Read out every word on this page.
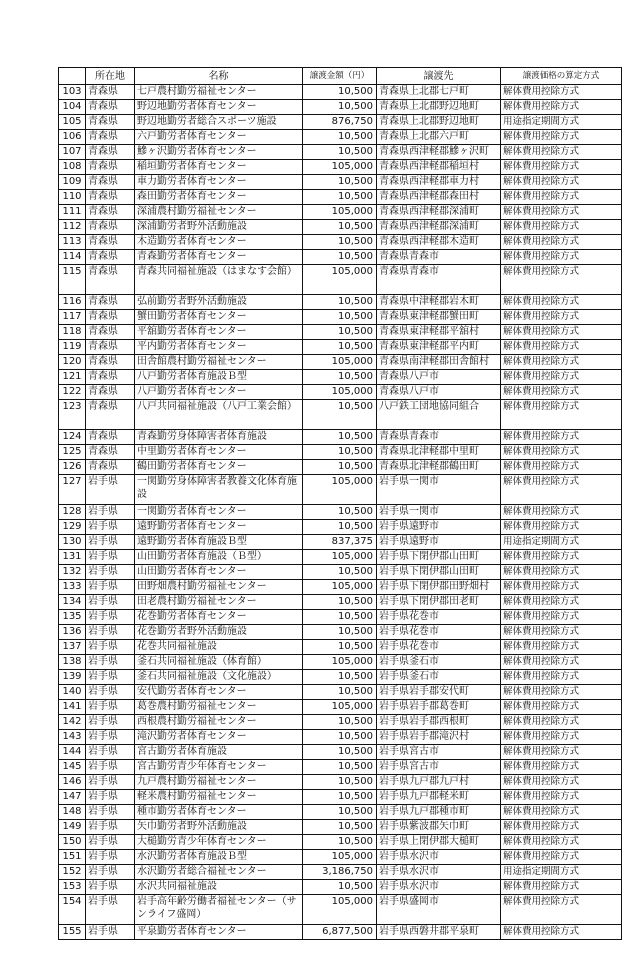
	所在地	名称	譲渡金額（円）	譲渡先	譲渡価格の算定方式
103	青森県	七戸農村勤労福祉センター	10,500	青森県上北郡七戸町	解体費用控除方式
104	青森県	野辺地勤労者体育センター	10,500	青森県上北郡野辺地町	解体費用控除方式
105	青森県	野辺地勤労者総合スポーツ施設	876,750	青森県上北郡野辺地町	用途指定期間方式
106	青森県	六戸勤労者体育センター	10,500	青森県上北郡六戸町	解体費用控除方式
107	青森県	鰺ヶ沢勤労者体育センター	10,500	青森県西津軽郡鰺ヶ沢町	解体費用控除方式
108	青森県	稲垣勤労者体育センター	105,000	青森県西津軽郡稲垣村	解体費用控除方式
109	青森県	車力勤労者体育センター	10,500	青森県西津軽郡車力村	解体費用控除方式
110	青森県	森田勤労者体育センター	10,500	青森県西津軽郡森田村	解体費用控除方式
111	青森県	深浦農村勤労福祉センター	105,000	青森県西津軽郡深浦町	解体費用控除方式
112	青森県	深浦勤労者野外活動施設	10,500	青森県西津軽郡深浦町	解体費用控除方式
113	青森県	木造勤労者体育センター	10,500	青森県西津軽郡木造町	解体費用控除方式
114	青森県	青森勤労者体育センター	10,500	青森県青森市	解体費用控除方式
115	青森県	青森共同福祉施設（はまなす会館）	105,000	青森県青森市	解体費用控除方式
116	青森県	弘前勤労者野外活動施設	10,500	青森県中津軽郡岩木町	解体費用控除方式
117	青森県	蟹田勤労者体育センター	10,500	青森県東津軽郡蟹田町	解体費用控除方式
118	青森県	平舘勤労者体育センター	10,500	青森県東津軽郡平舘村	解体費用控除方式
119	青森県	平内勤労者体育センター	10,500	青森県東津軽郡平内町	解体費用控除方式
120	青森県	田舎館農村勤労福祉センター	105,000	青森県南津軽郡田舎館村	解体費用控除方式
121	青森県	八戸勤労者体育施設Ｂ型	10,500	青森県八戸市	解体費用控除方式
122	青森県	八戸勤労者体育センター	105,000	青森県八戸市	解体費用控除方式
123	青森県	八戸共同福祉施設（八戸工業会館）	10,500	八戸鉄工団地協同組合	解体費用控除方式
124	青森県	青森勤労身体障害者体育施設	10,500	青森県青森市	解体費用控除方式
125	青森県	中里勤労者体育センター	10,500	青森県北津軽郡中里町	解体費用控除方式
126	青森県	鶴田勤労者体育センター	10,500	青森県北津軽郡鶴田町	解体費用控除方式
127	岩手県	一関勤労身体障害者教養文化体育施設	105,000	岩手県一関市	解体費用控除方式
128	岩手県	一関勤労者体育センター	10,500	岩手県一関市	解体費用控除方式
129	岩手県	遠野勤労者体育センター	10,500	岩手県遠野市	解体費用控除方式
130	岩手県	遠野勤労者体育施設Ｂ型	837,375	岩手県遠野市	用途指定期間方式
131	岩手県	山田勤労者体育施設（Ｂ型）	105,000	岩手県下閉伊郡山田町	解体費用控除方式
132	岩手県	山田勤労者体育センター	10,500	岩手県下閉伊郡山田町	解体費用控除方式
133	岩手県	田野畑農村勤労福祉センター	105,000	岩手県下閉伊郡田野畑村	解体費用控除方式
134	岩手県	田老農村勤労福祉センター	10,500	岩手県下閉伊郡田老町	解体費用控除方式
135	岩手県	花巻勤労者体育センター	10,500	岩手県花巻市	解体費用控除方式
136	岩手県	花巻勤労者野外活動施設	10,500	岩手県花巻市	解体費用控除方式
137	岩手県	花巻共同福祉施設	10,500	岩手県花巻市	解体費用控除方式
138	岩手県	釜石共同福祉施設（体育館）	105,000	岩手県釜石市	解体費用控除方式
139	岩手県	釜石共同福祉施設（文化施設）	10,500	岩手県釜石市	解体費用控除方式
140	岩手県	安代勤労者体育センター	10,500	岩手県岩手郡安代町	解体費用控除方式
141	岩手県	葛巻農村勤労福祉センター	105,000	岩手県岩手郡葛巻町	解体費用控除方式
142	岩手県	西根農村勤労福祉センター	10,500	岩手県岩手郡西根町	解体費用控除方式
143	岩手県	滝沢勤労者体育センター	10,500	岩手県岩手郡滝沢村	解体費用控除方式
144	岩手県	宮古勤労者体育施設	10,500	岩手県宮古市	解体費用控除方式
145	岩手県	宮古勤労青少年体育センター	10,500	岩手県宮古市	解体費用控除方式
146	岩手県	九戸農村勤労福祉センター	10,500	岩手県九戸郡九戸村	解体費用控除方式
147	岩手県	軽米農村勤労福祉センター	10,500	岩手県九戸郡軽米町	解体費用控除方式
148	岩手県	種市勤労者体育センター	10,500	岩手県九戸郡種市町	解体費用控除方式
149	岩手県	矢巾勤労者野外活動施設	10,500	岩手県紫波郡矢巾町	解体費用控除方式
150	岩手県	大槌勤労青少年体育センター	10,500	岩手県上閉伊郡大槌町	解体費用控除方式
151	岩手県	水沢勤労者体育施設Ｂ型	105,000	岩手県水沢市	解体費用控除方式
152	岩手県	水沢勤労者総合福祉センター	3,186,750	岩手県水沢市	用途指定期間方式
153	岩手県	水沢共同福祉施設	10,500	岩手県水沢市	解体費用控除方式
154	岩手県	岩手高年齢労働者福祉センター（サンライフ盛岡）	105,000	岩手県盛岡市	解体費用控除方式
155	岩手県	平泉勤労者体育センター	6,877,500	岩手県西磐井郡平泉町	解体費用控除方式
